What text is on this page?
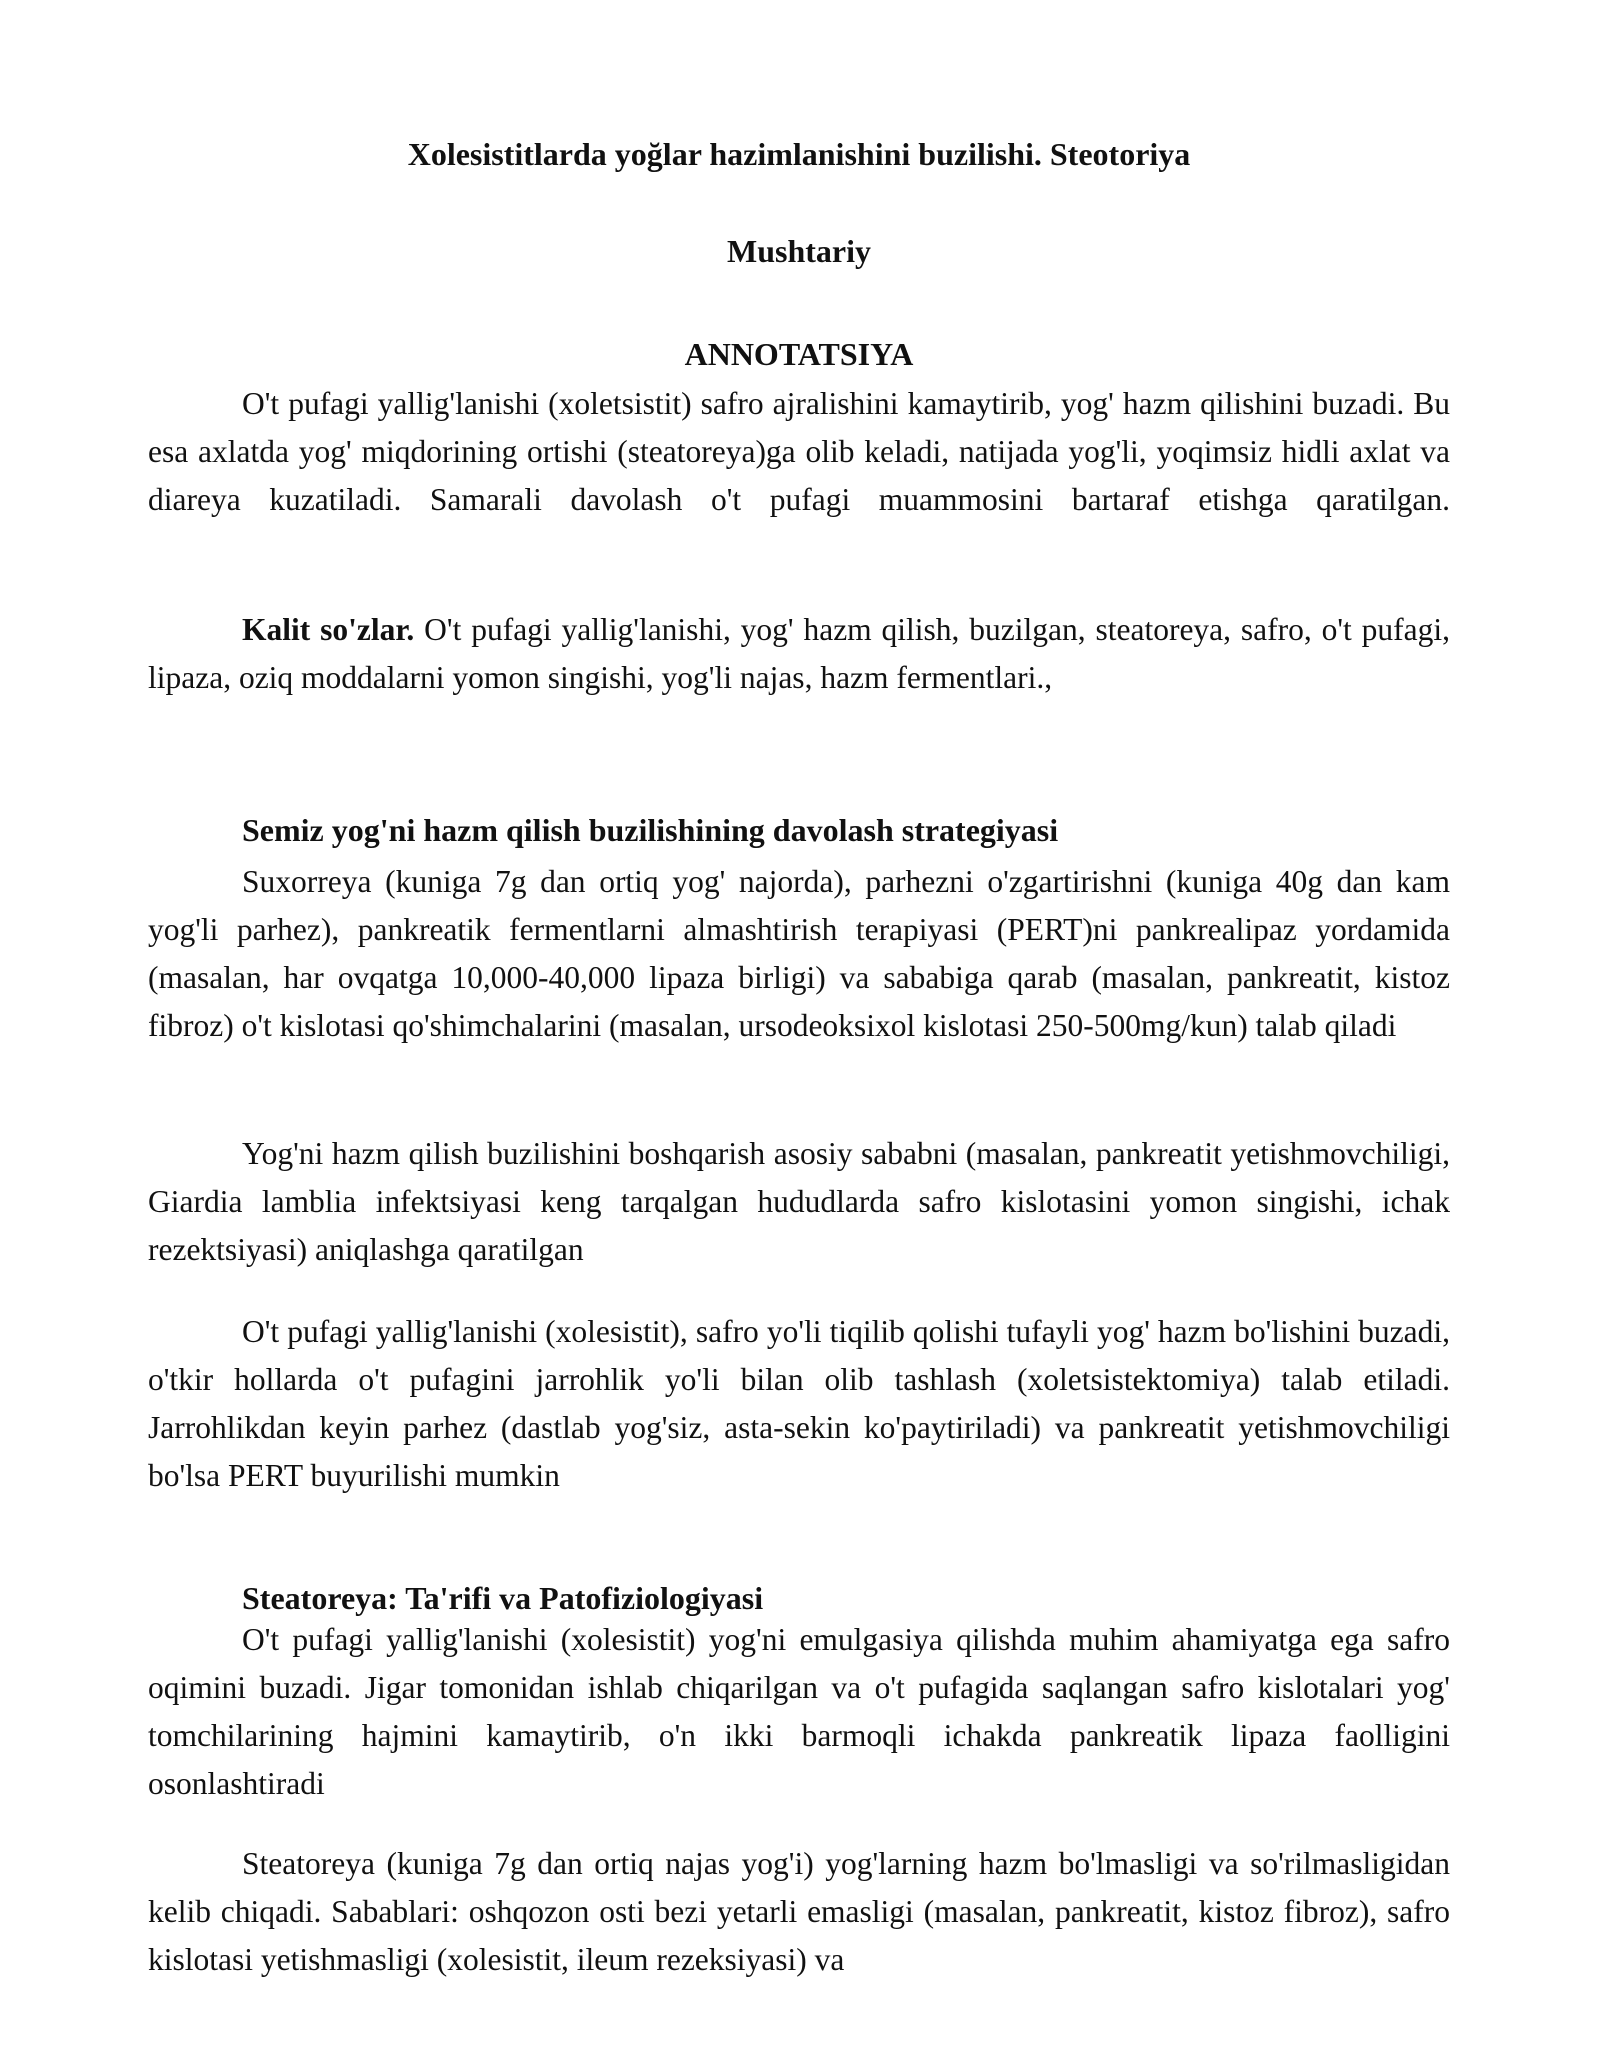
Xolesistitlarda yoğlar hazimlanishini buzilishi. Steotoriya
Mushtariy
ANNOTATSIYA

O't pufagi yallig'lanishi (xoletsistit) safro ajralishini kamaytirib, yog' hazm qilishini buzadi. Bu esa axlatda yog' miqdorining ortishi (steatoreya)ga olib keladi, natijada yog'li, yoqimsiz hidli axlat va diareya kuzatiladi. Samarali davolash o't pufagi muammosini bartaraf etishga qaratilgan.

Kalit so'zlar. O't pufagi yallig'lanishi, yog' hazm qilish, buzilgan, steatoreya, safro, o't pufagi, lipaza, oziq moddalarni yomon singishi, yog'li najas, hazm fermentlari.,

Semiz yog'ni hazm qilish buzilishining davolash strategiyasi

Suxorreya (kuniga 7g dan ortiq yog' najorda), parhezni o'zgartirishni (kuniga 40g dan kam yog'li parhez), pankreatik fermentlarni almashtirish terapiyasi (PERT)ni pankrealipaz yordamida (masalan, har ovqatga 10,000-40,000 lipaza birligi) va sababiga qarab (masalan, pankreatit, kistoz fibroz) o't kislotasi qo'shimchalarini (masalan, ursodeoksixol kislotasi 250-500mg/kun) talab qiladi

Yog'ni hazm qilish buzilishini boshqarish asosiy sababni (masalan, pankreatit yetishmovchiligi, Giardia lamblia infektsiyasi keng tarqalgan hududlarda safro kislotasini yomon singishi, ichak rezektsiyasi) aniqlashga qaratilgan

O't pufagi yallig'lanishi (xolesistit), safro yo'li tiqilib qolishi tufayli yog' hazm bo'lishini buzadi, o'tkir hollarda o't pufagini jarrohlik yo'li bilan olib tashlash (xoletsistektomiya) talab etiladi. Jarrohlikdan keyin parhez (dastlab yog'siz, asta-sekin ko'paytiriladi) va pankreatit yetishmovchiligi bo'lsa PERT buyurilishi mumkin

Steatoreya: Ta'rifi va Patofiziologiyasi

O't pufagi yallig'lanishi (xolesistit) yog'ni emulgasiya qilishda muhim ahamiyatga ega safro oqimini buzadi. Jigar tomonidan ishlab chiqarilgan va o't pufagida saqlangan safro kislotalari yog' tomchilarining hajmini kamaytirib, o'n ikki barmoqli ichakda pankreatik lipaza faolligini osonlashtiradi

Steatoreya (kuniga 7g dan ortiq najas yog'i) yog'larning hazm bo'lmasligi va so'rilmasligidan kelib chiqadi. Sabablari: oshqozon osti bezi yetarli emasligi (masalan, pankreatit, kistoz fibroz), safro kislotasi yetishmasligi (xolesistit, ileum rezeksiyasi) va
